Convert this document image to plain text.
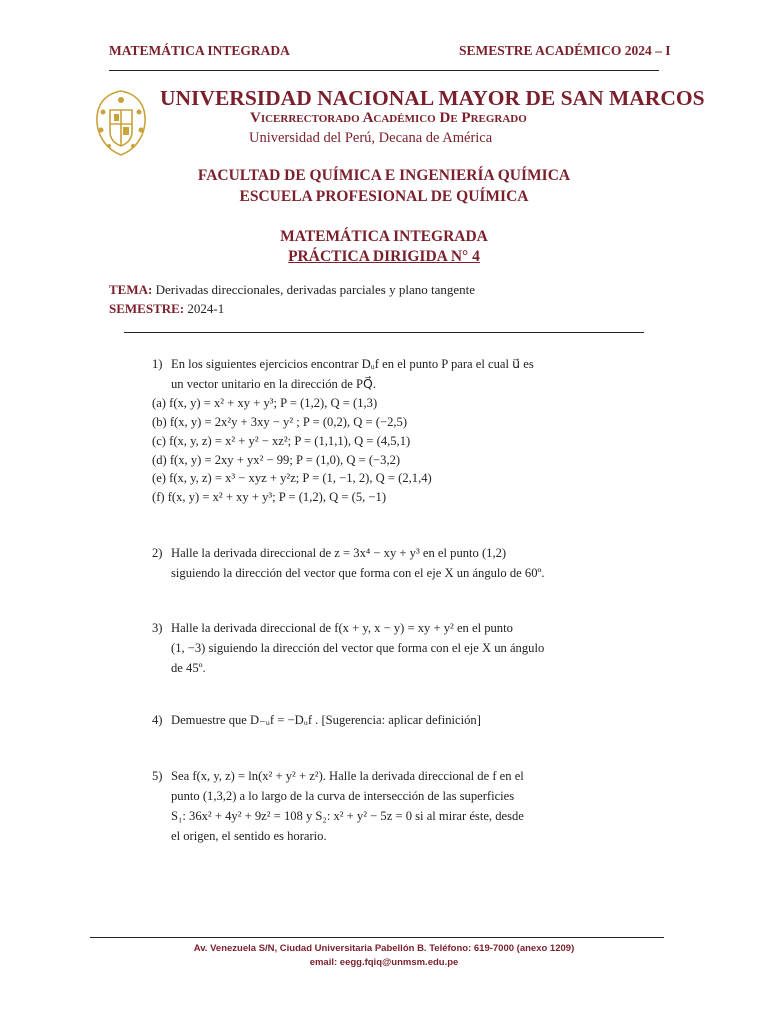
MATEMÁTICA INTEGRADA	SEMESTRE ACADÉMICO 2024 – I
UNIVERSIDAD NACIONAL MAYOR DE SAN MARCOS
Vicerrectorado Académico De Pregrado
Universidad del Perú, Decana de América
FACULTAD DE QUÍMICA E INGENIERÍA QUÍMICA
ESCUELA PROFESIONAL DE QUÍMICA
MATEMÁTICA INTEGRADA
PRÁCTICA DIRIGIDA N° 4
TEMA: Derivadas direccionales, derivadas parciales y plano tangente
SEMESTRE: 2024-1
1) En los siguientes ejercicios encontrar Dᵤf en el punto P para el cual u⃗ es
un vector unitario en la dirección de PQ⃗.
(a) f(x, y) = x² + xy + y³; P = (1,2), Q = (1,3)
(b) f(x, y) = 2x²y + 3xy − y² ; P = (0,2), Q = (−2,5)
(c) f(x, y, z) = x² + y² − xz²; P = (1,1,1), Q = (4,5,1)
(d) f(x, y) = 2xy + yx² − 99; P = (1,0), Q = (−3,2)
(e) f(x, y, z) = x³ − xyz + y²z; P = (1, −1, 2), Q = (2,1,4)
(f) f(x, y) = x² + xy + y³; P = (1,2), Q = (5, −1)
2) Halle la derivada direccional de z = 3x⁴ − xy + y³ en el punto (1,2)
siguiendo la dirección del vector que forma con el eje X un ángulo de 60º.
3) Halle la derivada direccional de f(x + y, x − y) = xy + y² en el punto
(1, −3) siguiendo la dirección del vector que forma con el eje X un ángulo
de 45º.
4) Demuestre que D₋ᵤf = −Dᵤf . [Sugerencia: aplicar definición]
5) Sea f(x, y, z) = ln(x² + y² + z²). Halle la derivada direccional de f en el
punto (1,3,2) a lo largo de la curva de intersección de las superficies
S₁: 36x² + 4y² + 9z² = 108 y S₂: x² + y² − 5z = 0 si al mirar éste, desde
el origen, el sentido es horario.
Av. Venezuela S/N, Ciudad Universitaria Pabellón B. Teléfono: 619-7000 (anexo 1209)
email: eegg.fqiq@unmsm.edu.pe
